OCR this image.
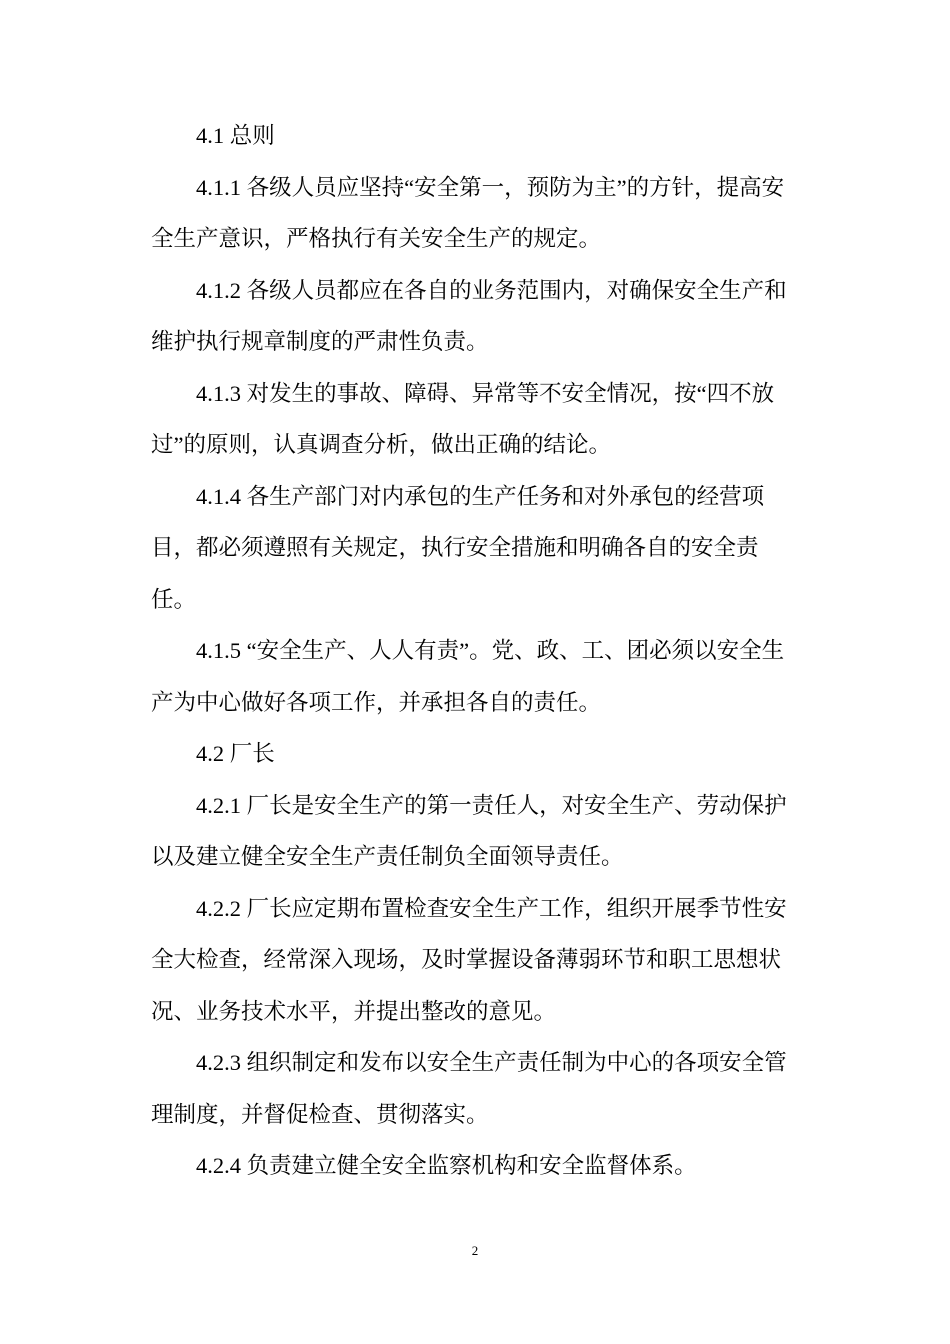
4.1 总则

4.1.1 各级人员应坚持“安全第一，预防为主”的方针，提高安全生产意识，严格执行有关安全生产的规定。

4.1.2 各级人员都应在各自的业务范围内，对确保安全生产和维护执行规章制度的严肃性负责。

4.1.3 对发生的事故、障碍、异常等不安全情况，按“四不放过”的原则，认真调查分析，做出正确的结论。

4.1.4 各生产部门对内承包的生产任务和对外承包的经营项目，都必须遵照有关规定，执行安全措施和明确各自的安全责任。

4.1.5 “安全生产、人人有责”。党、政、工、团必须以安全生产为中心做好各项工作，并承担各自的责任。

4.2 厂长

4.2.1 厂长是安全生产的第一责任人，对安全生产、劳动保护以及建立健全安全生产责任制负全面领导责任。

4.2.2 厂长应定期布置检查安全生产工作，组织开展季节性安全大检查，经常深入现场，及时掌握设备薄弱环节和职工思想状况、业务技术水平，并提出整改的意见。

4.2.3 组织制定和发布以安全生产责任制为中心的各项安全管理制度，并督促检查、贯彻落实。

4.2.4 负责建立健全安全监察机构和安全监督体系。

2
